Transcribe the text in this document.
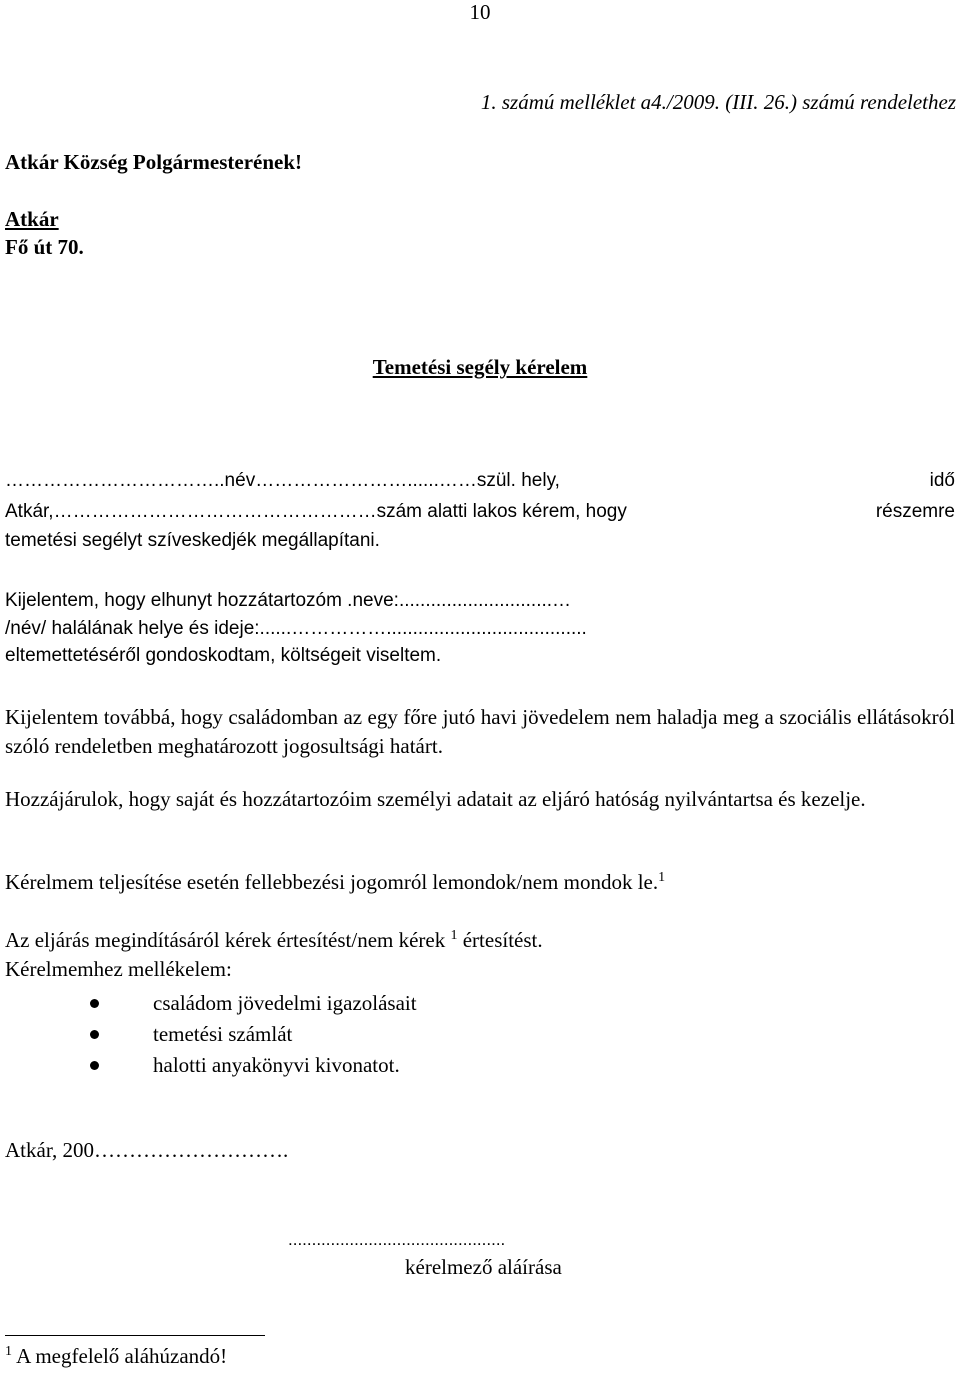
10
1. számú melléklet a4./2009. (III. 26.) számú rendelethez
Atkár Község Polgármesterének!
Atkár
Fő út 70.
Temetési segély kérelem
……………………………..név……………………......……szül. hely,	idő
Atkár,……………………………………………szám alatti lakos kérem, hogy	részemre
temetési segélyt szíveskedjék megállapítani.
Kijelentem, hogy elhunyt hozzátartozóm .neve:.............................…
/név/ halálának helye és ideje:......……………......................................
eltemettetéséről gondoskodtam, költségeit viseltem.
Kijelentem továbbá, hogy családomban az egy főre jutó havi jövedelem nem haladja meg a szociális ellátásokról szóló rendeletben meghatározott jogosultsági határt.
Hozzájárulok, hogy saját és hozzátartozóim személyi adatait az eljáró hatóság nyilvántartsa és kezelje.
Kérelmem teljesítése esetén fellebbezési jogomról lemondok/nem mondok le.$^1$
Az eljárás megindításáról kérek értesítést/nem kérek $^1$ értesítést.
Kérelmemhez mellékelem:
családom jövedelmi igazolásait
temetési számlát
halotti anyakönyvi kivonatot.
Atkár, 200……………………….
..............................................
kérelmező aláírása
$^1$ A megfelelő aláhúzandó!
